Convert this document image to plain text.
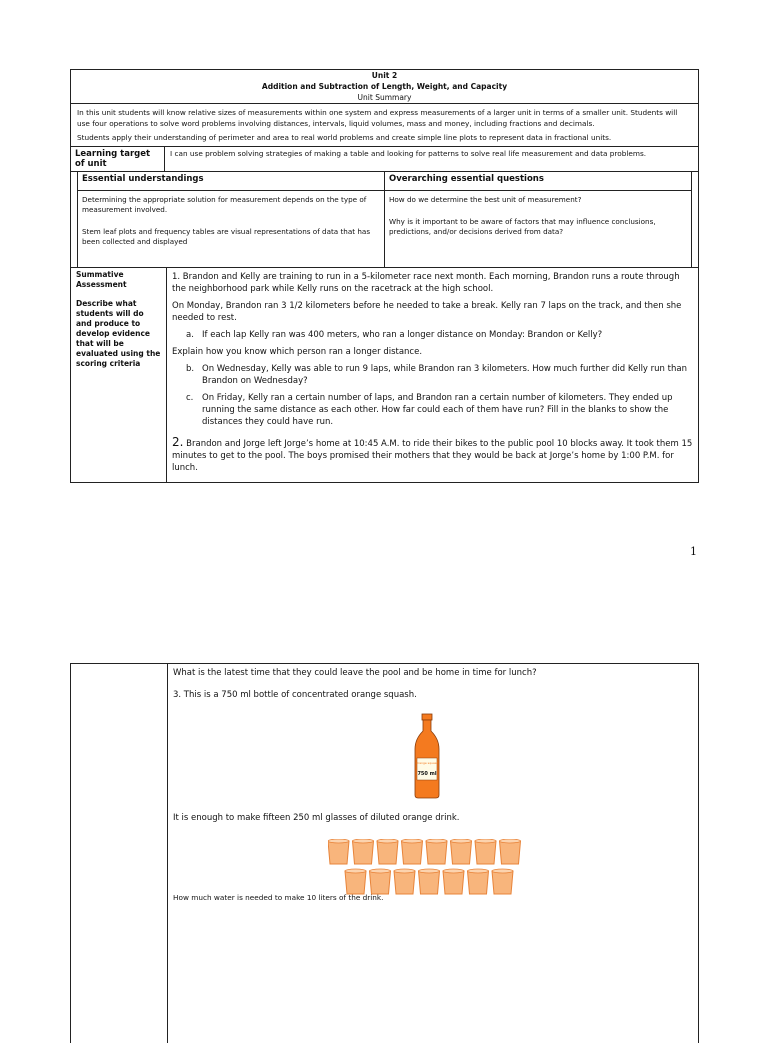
Unit 2
Addition and Subtraction of Length, Weight, and Capacity
Unit Summary

In this unit students will know relative sizes of measurements within one system and express measurements of a larger unit in terms of a smaller unit. Students will use four operations to solve word problems involving distances, intervals, liquid volumes, mass and money, including fractions and decimals.

Students apply their understanding of perimeter and area to real world problems and create simple line plots to represent data in fractional units.

Learning target of unit
I can use problem solving strategies of making a table and looking for patterns to solve real life measurement and data problems.
Essential understandings

Determining the appropriate solution for measurement depends on the type of measurement involved.

Stem leaf plots and frequency tables are visual representations of data that has been collected and displayed

Overarching essential questions

How do we determine the best unit of measurement?

Why is it important to be aware of factors that may influence conclusions, predictions, and/or decisions derived from data?

Summative Assessment

Describe what students will do and produce to develop evidence that will be evaluated using the scoring criteria

1. Brandon and Kelly are training to run in a 5-kilometer race next month. Each morning, Brandon runs a route through the neighborhood park while Kelly runs on the racetrack at the high school.

On Monday, Brandon ran 3 1/2 kilometers before he needed to take a break. Kelly ran 7 laps on the track, and then she needed to rest.

a. If each lap Kelly ran was 400 meters, who ran a longer distance on Monday: Brandon or Kelly?

Explain how you know which person ran a longer distance.

b. On Wednesday, Kelly was able to run 9 laps, while Brandon ran 3 kilometers. How much further did Kelly run than Brandon on Wednesday?
c.	On Friday, Kelly ran a certain number of laps, and Brandon ran a certain number of kilometers. They ended up running the same distance as each other. How far could each of them have run? Fill in the blanks to show the distances they could have run.

2. Brandon and Jorge left Jorge’s home at 10:45 A.M. to ride their bikes to the public pool 10 blocks away. It took them 15 minutes to get to the pool. The boys promised their mothers that they would be back at Jorge’s home by 1:00 P.M. for lunch.

1
What is the latest time that they could leave the pool and be home in time for lunch?
3. This is a 750 ml bottle of concentrated orange squash.
Orange squash
750 ml
It is enough to make fifteen 250 ml glasses of diluted orange drink.
How much water is needed to make 10 liters of the drink.
